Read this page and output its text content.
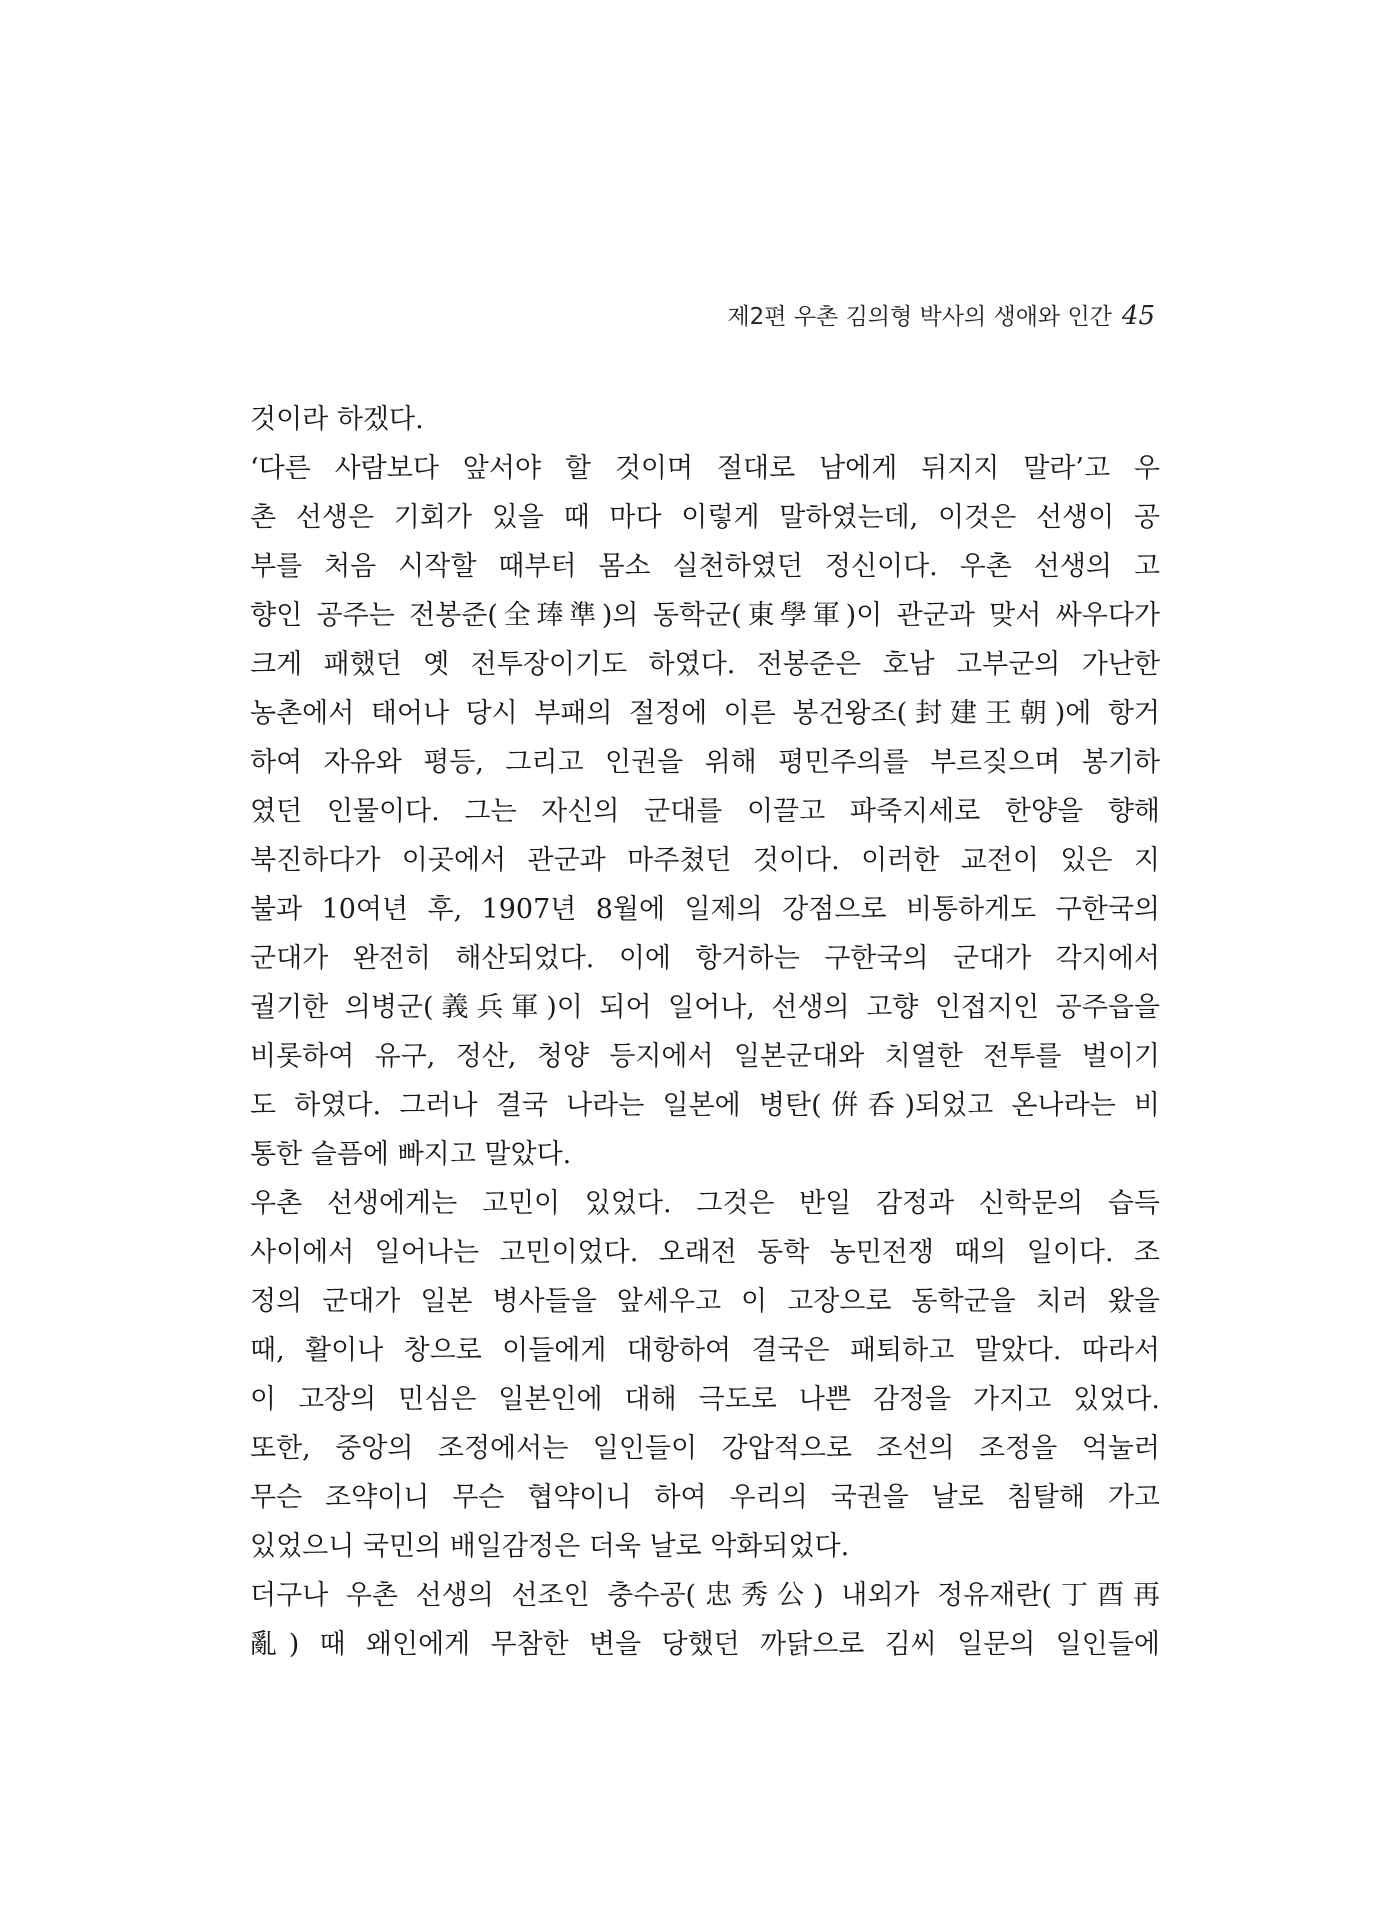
제2편 우촌 김의형 박사의 생애와 인간 45
것이라 하겠다.
‘다른 사람보다 앞서야 할 것이며 절대로 남에게 뒤지지 말라’고 우
촌 선생은 기회가 있을 때 마다 이렇게 말하였는데, 이것은 선생이 공
부를 처음 시작할 때부터 몸소 실천하였던 정신이다. 우촌 선생의 고
향인 공주는 전봉준(全琫準)의 동학군(東學軍)이 관군과 맞서 싸우다가
크게 패했던 옛 전투장이기도 하였다. 전봉준은 호남 고부군의 가난한
농촌에서 태어나 당시 부패의 절정에 이른 봉건왕조(封建王朝)에 항거
하여 자유와 평등, 그리고 인권을 위해 평민주의를 부르짖으며 봉기하
였던 인물이다. 그는 자신의 군대를 이끌고 파죽지세로 한양을 향해
북진하다가 이곳에서 관군과 마주쳤던 것이다. 이러한 교전이 있은 지
불과 10여년 후, 1907년 8월에 일제의 강점으로 비통하게도 구한국의
군대가 완전히 해산되었다. 이에 항거하는 구한국의 군대가 각지에서
궐기한 의병군(義兵軍)이 되어 일어나, 선생의 고향 인접지인 공주읍을
비롯하여 유구, 정산, 청양 등지에서 일본군대와 치열한 전투를 벌이기
도 하였다. 그러나 결국 나라는 일본에 병탄(倂呑)되었고 온나라는 비
통한 슬픔에 빠지고 말았다.
우촌 선생에게는 고민이 있었다. 그것은 반일 감정과 신학문의 습득
사이에서 일어나는 고민이었다. 오래전 동학 농민전쟁 때의 일이다. 조
정의 군대가 일본 병사들을 앞세우고 이 고장으로 동학군을 치러 왔을
때, 활이나 창으로 이들에게 대항하여 결국은 패퇴하고 말았다. 따라서
이 고장의 민심은 일본인에 대해 극도로 나쁜 감정을 가지고 있었다.
또한, 중앙의 조정에서는 일인들이 강압적으로 조선의 조정을 억눌러
무슨 조약이니 무슨 협약이니 하여 우리의 국권을 날로 침탈해 가고
있었으니 국민의 배일감정은 더욱 날로 악화되었다.
더구나 우촌 선생의 선조인 충수공(忠秀公) 내외가 정유재란(丁酉再
亂) 때 왜인에게 무참한 변을 당했던 까닭으로 김씨 일문의 일인들에
